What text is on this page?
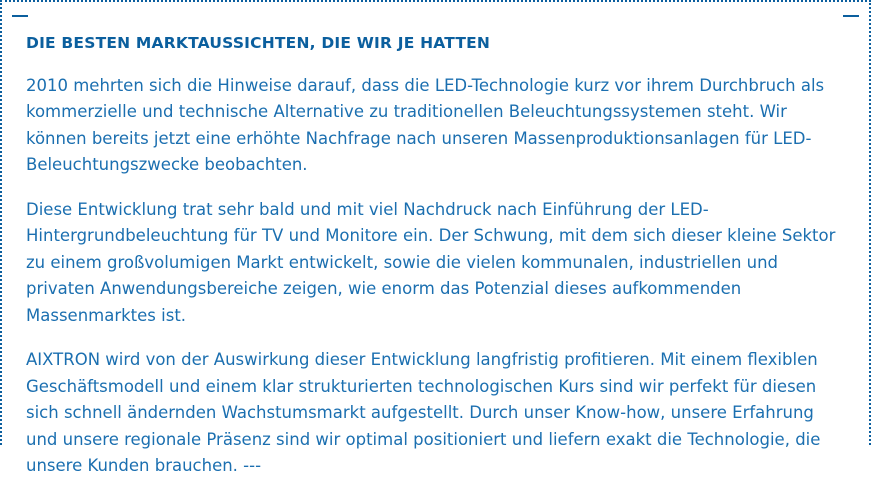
DIE BESTEN MARKTAUSSICHTEN, DIE WIR JE HATTEN

2010 mehrten sich die Hinweise darauf, dass die LED-Technologie kurz vor ihrem Durchbruch als kommerzielle und technische Alternative zu traditionellen Beleuchtungssystemen steht. Wir können bereits jetzt eine erhöhte Nachfrage nach unseren Massenproduktionsanlagen für LED-Beleuchtungszwecke beobachten.

Diese Entwicklung trat sehr bald und mit viel Nachdruck nach Einführung der LED-Hintergrundbeleuchtung für TV und Monitore ein. Der Schwung, mit dem sich dieser kleine Sektor zu einem großvolumigen Markt entwickelt, sowie die vielen kommunalen, industriellen und privaten Anwendungsbereiche zeigen, wie enorm das Potenzial dieses aufkommenden Massenmarktes ist.

AIXTRON wird von der Auswirkung dieser Entwicklung langfristig profitieren. Mit einem flexiblen Geschäftsmodell und einem klar strukturierten technologischen Kurs sind wir perfekt für diesen sich schnell ändernden Wachstumsmarkt aufgestellt. Durch unser Know-how, unsere Erfahrung und unsere regionale Präsenz sind wir optimal positioniert und liefern exakt die Technologie, die unsere Kunden brauchen. ---
